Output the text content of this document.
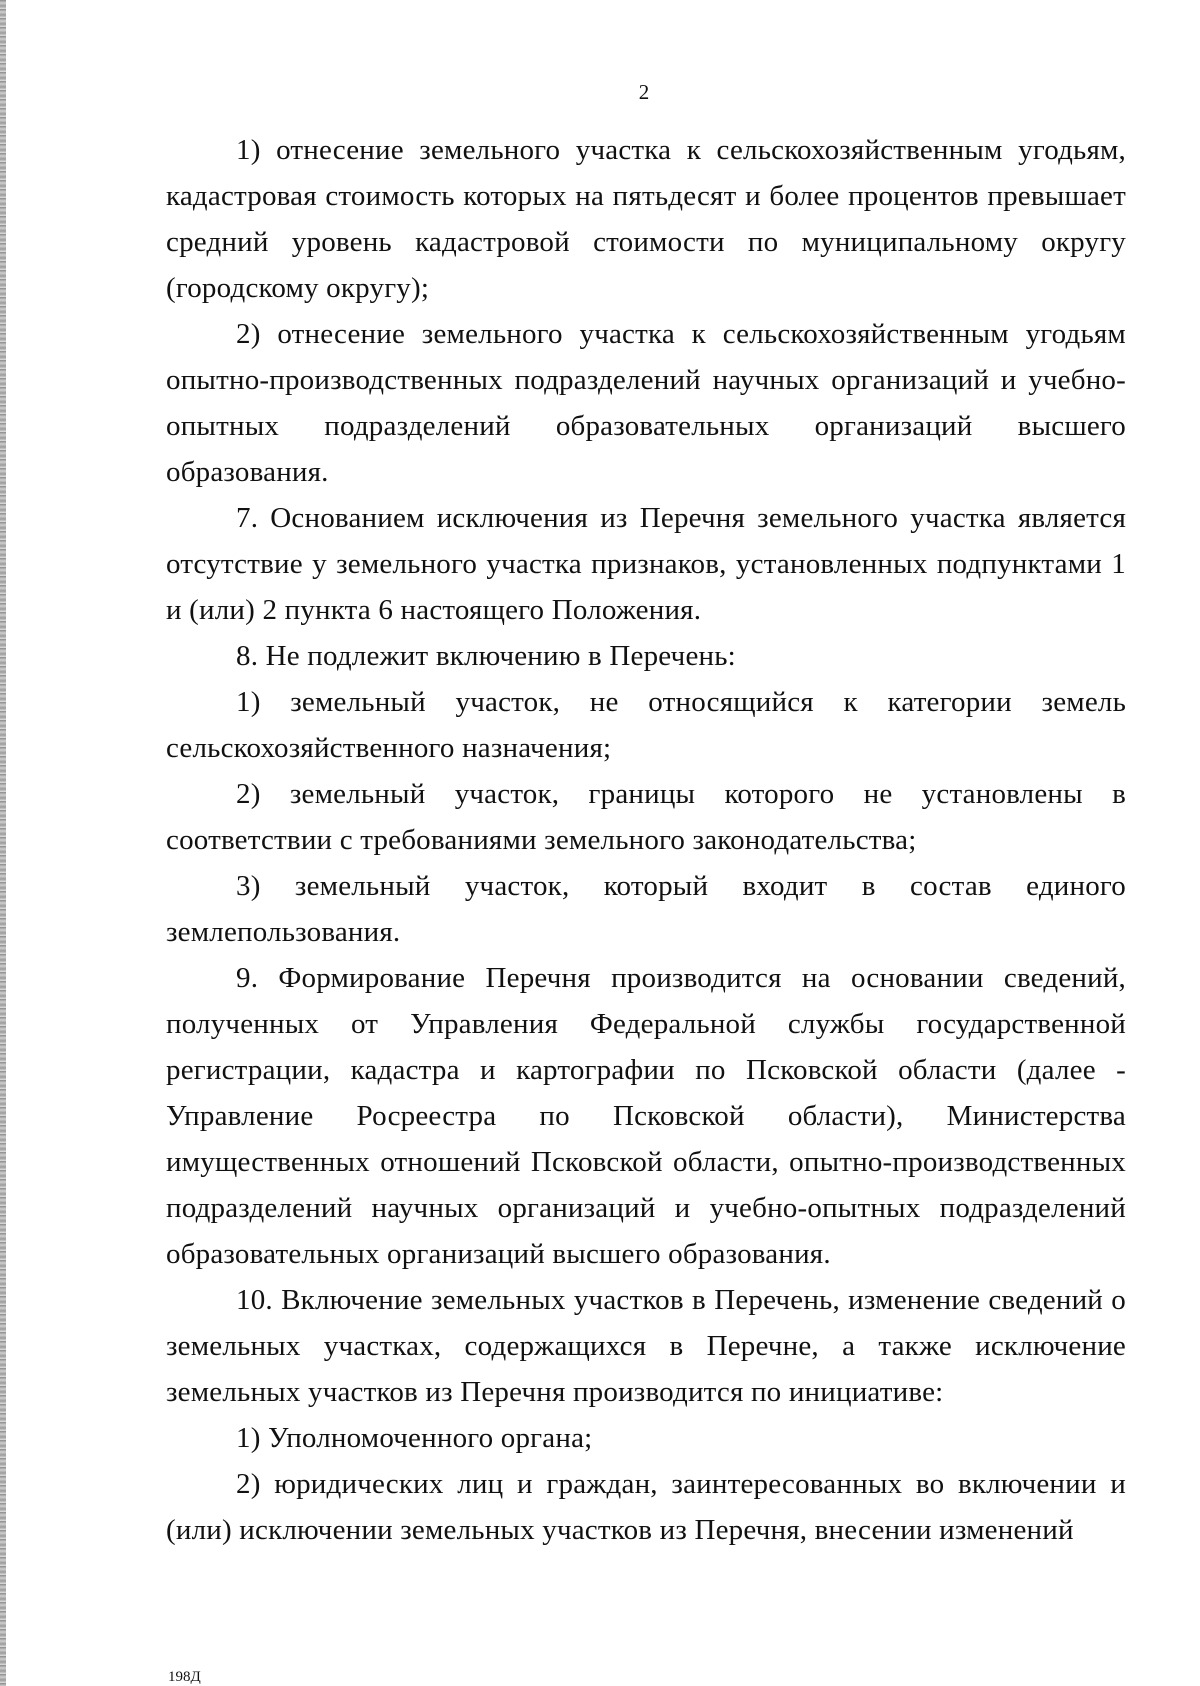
2

1) отнесение земельного участка к сельскохозяйственным угодьям, кадастровая стоимость которых на пятьдесят и более процентов превышает средний уровень кадастровой стоимости по муниципальному округу (городскому округу);

2) отнесение земельного участка к сельскохозяйственным угодьям опытно-производственных подразделений научных организаций и учебно-опытных подразделений образовательных организаций высшего образования.

7. Основанием исключения из Перечня земельного участка является отсутствие у земельного участка признаков, установленных подпунктами 1 и (или) 2 пункта 6 настоящего Положения.

8. Не подлежит включению в Перечень:

1) земельный участок, не относящийся к категории земель сельскохозяйственного назначения;

2) земельный участок, границы которого не установлены в соответствии с требованиями земельного законодательства;

3) земельный участок, который входит в состав единого землепользования.

9. Формирование Перечня производится на основании сведений, полученных от Управления Федеральной службы государственной регистрации, кадастра и картографии по Псковской области (далее - Управление Росреестра по Псковской области), Министерства имущественных отношений Псковской области, опытно-производственных подразделений научных организаций и учебно-опытных подразделений образовательных организаций высшего образования.

10. Включение земельных участков в Перечень, изменение сведений о земельных участках, содержащихся в Перечне, а также исключение земельных участков из Перечня производится по инициативе:

1) Уполномоченного органа;

2) юридических лиц и граждан, заинтересованных во включении и (или) исключении земельных участков из Перечня, внесении изменений

198Д
